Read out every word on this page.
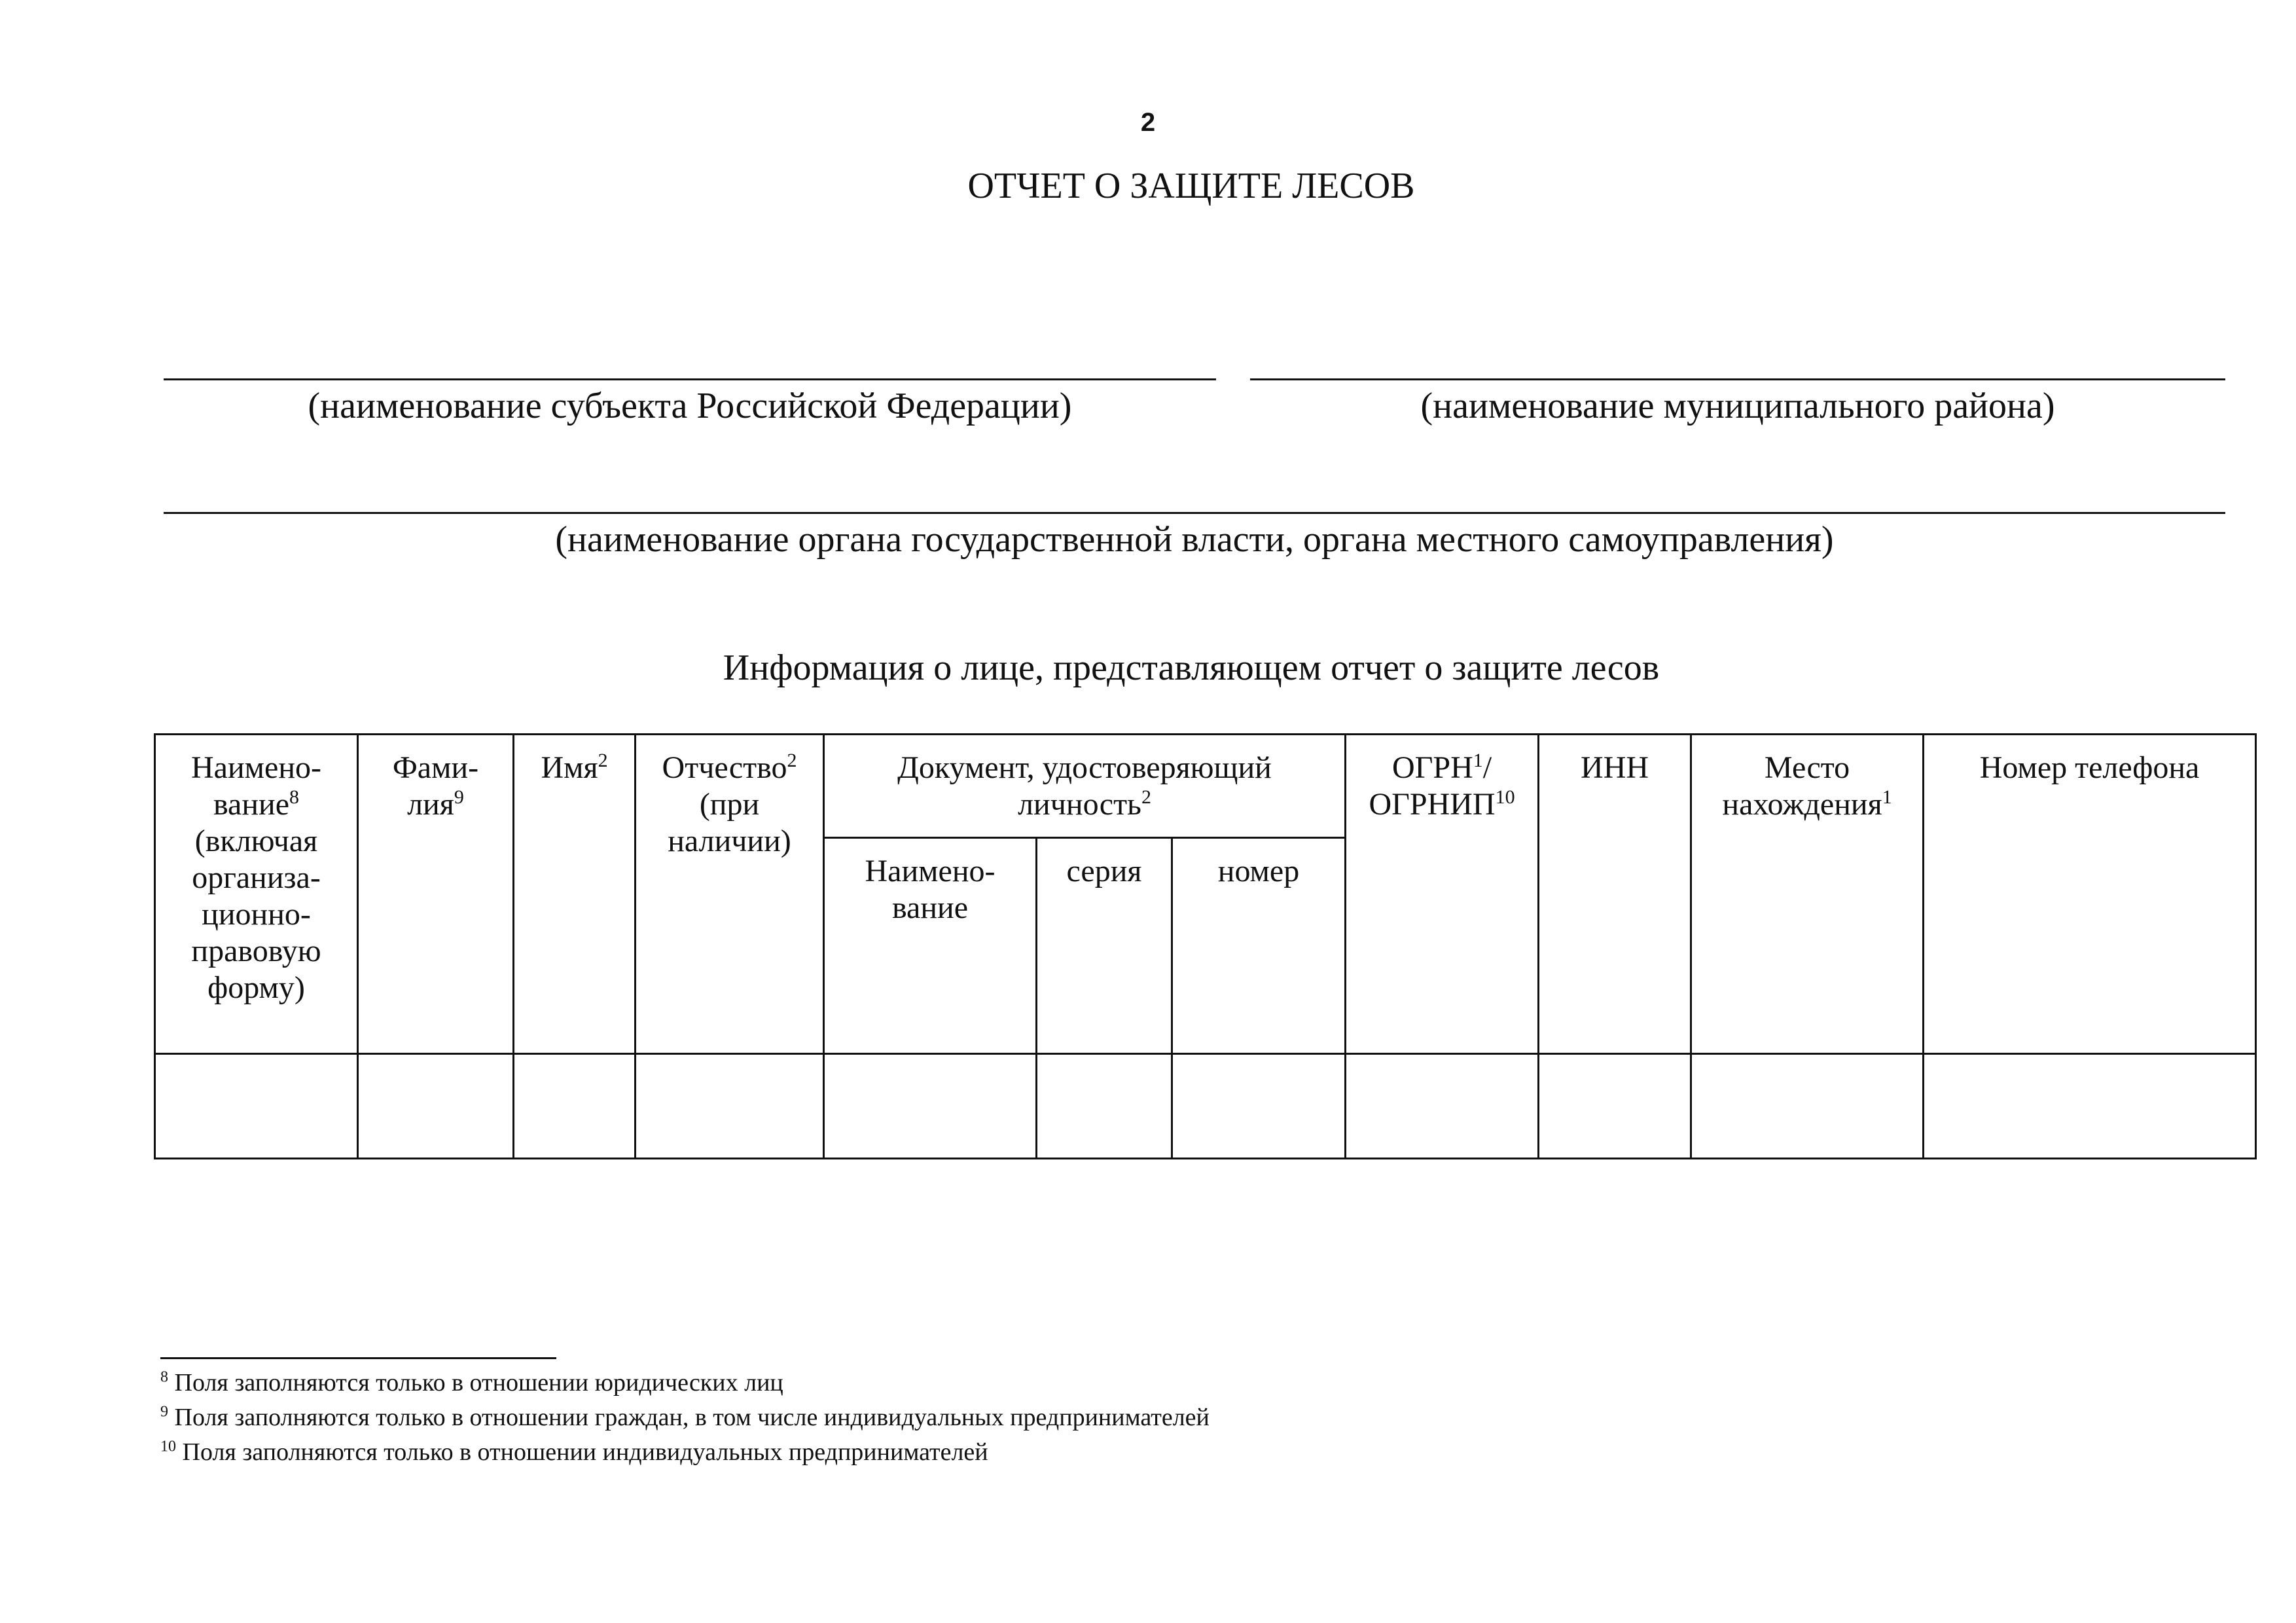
2
ОТЧЕТ О ЗАЩИТЕ ЛЕСОВ
(наименование субъекта Российской Федерации)	(наименование муниципального района)
(наименование органа государственной власти, органа местного самоуправления)
Информация о лице, представляющем отчет о защите лесов
Наимено- вание$^8$ (включая организа- ционно- правовую форму)	Фами- лия$^9$	Имя$^2$	Отчество$^2$ (при наличии)	Документ, удостоверяющий личность$^2$			ОГРН$^1$/ ОГРНИП$^{10}$	ИНН	Место нахождения$^1$	Номер телефона
				Наимено- вание	серия	номер				

$^8$ Поля заполняются только в отношении юридических лиц
$^9$ Поля заполняются только в отношении граждан, в том числе индивидуальных предпринимателей
$^{10}$ Поля заполняются только в отношении индивидуальных предпринимателей
